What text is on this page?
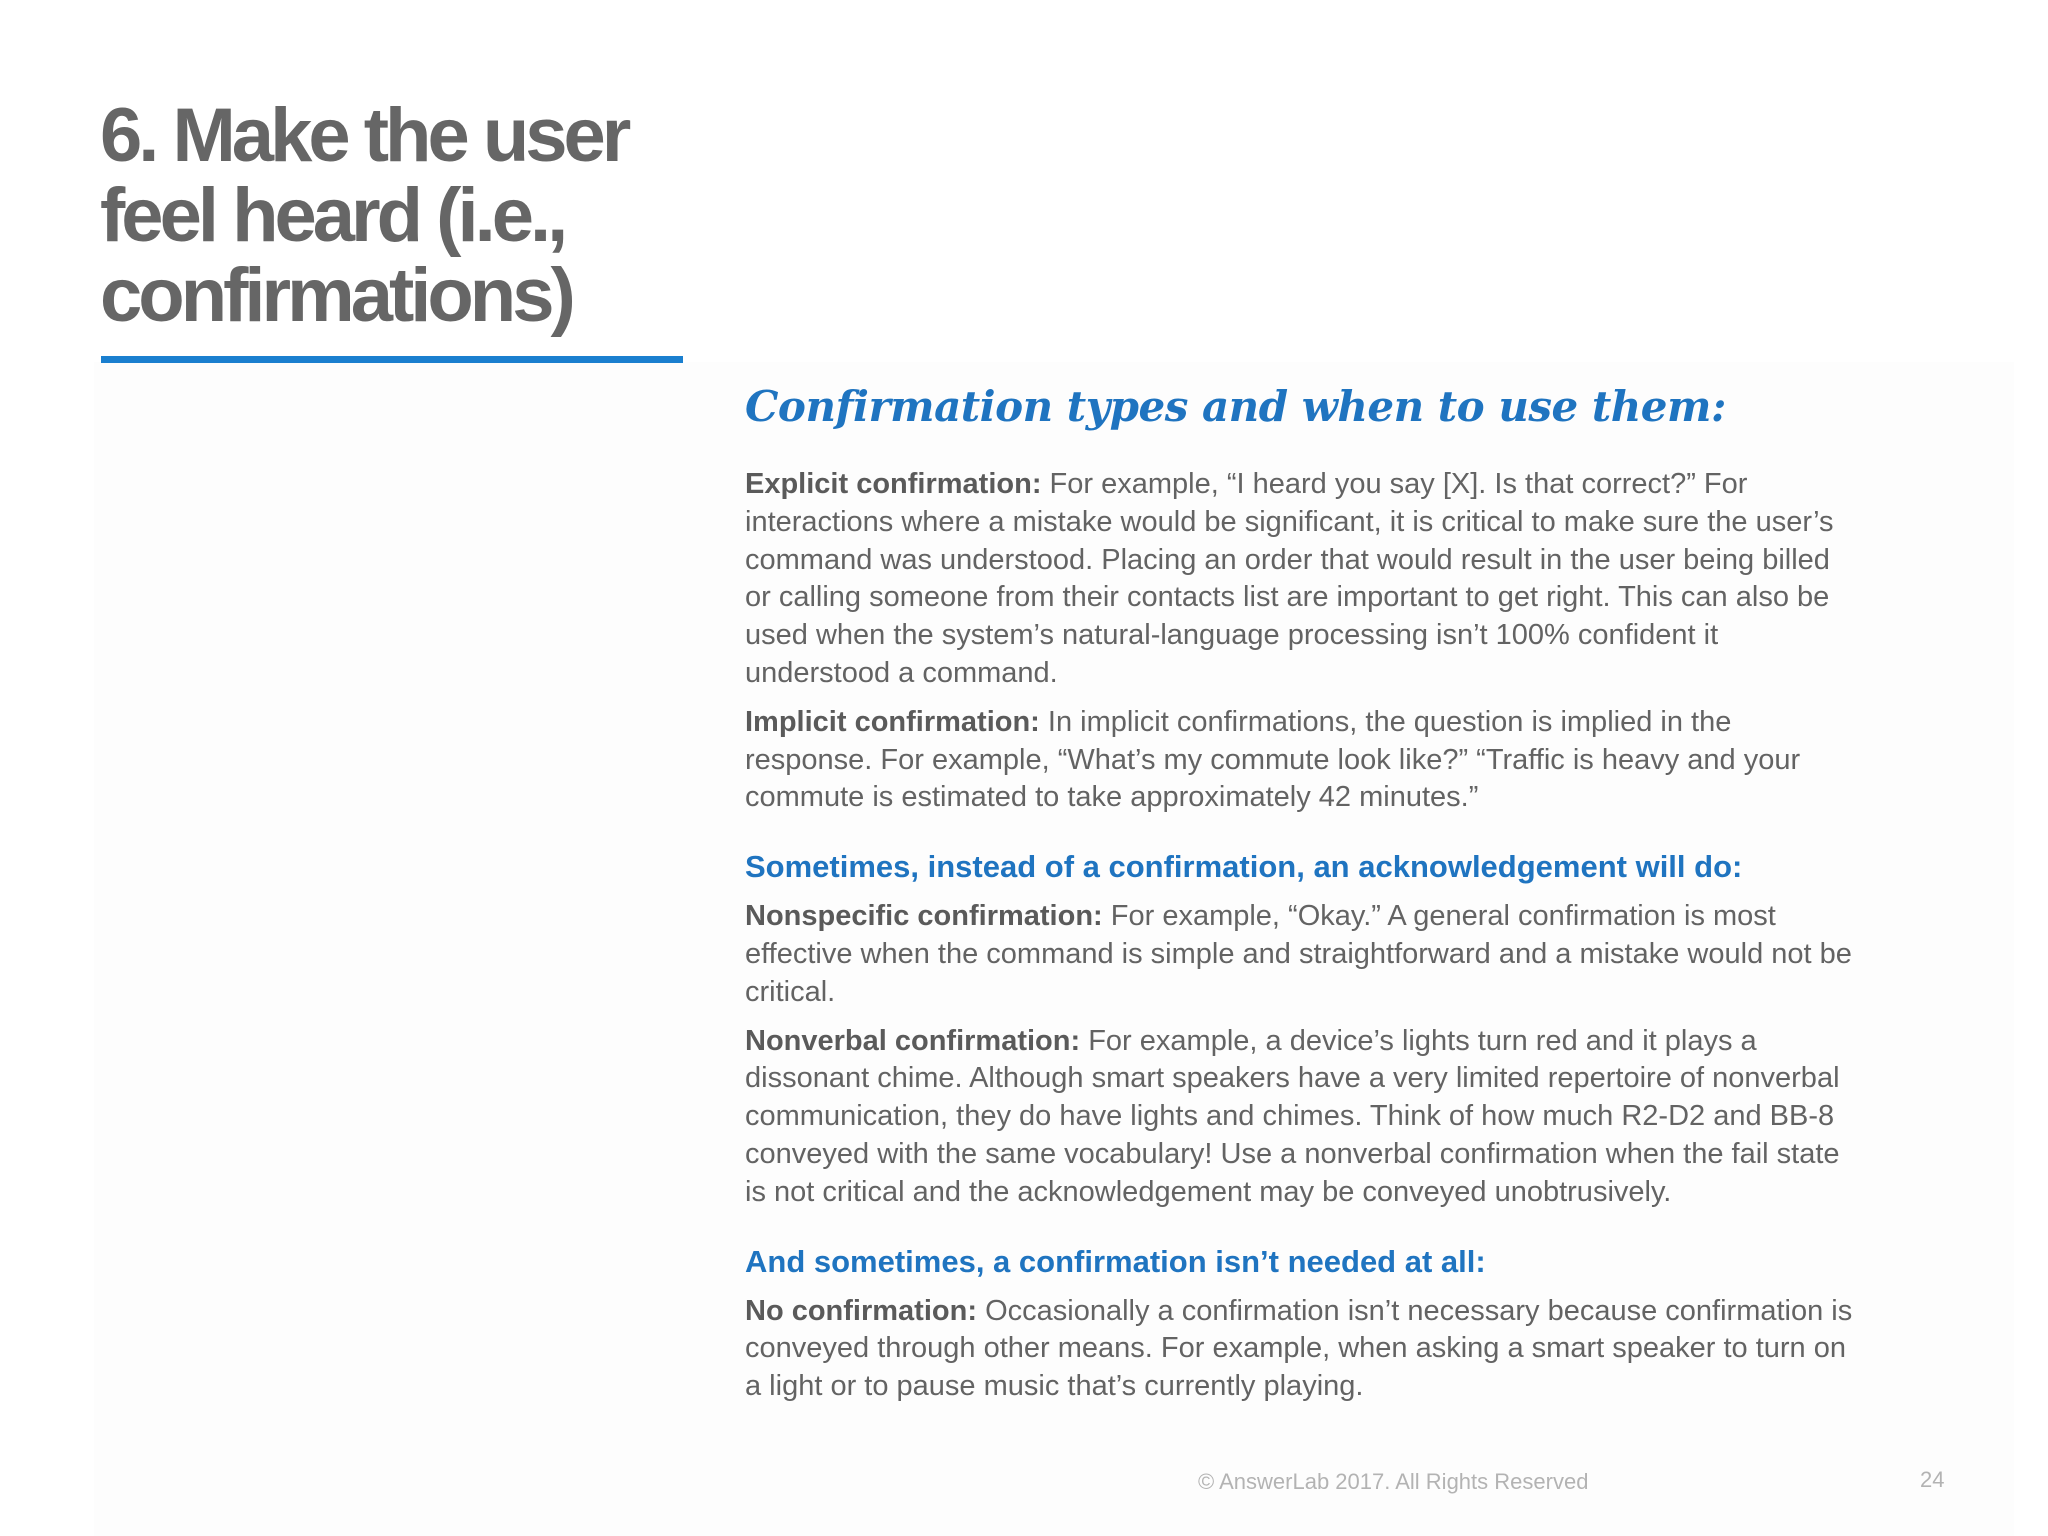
6. Make the user
feel heard (i.e.,
confirmations)
Confirmation types and when to use them:

Explicit confirmation: For example, “I heard you say [X]. Is that correct?” For interactions where a mistake would be significant, it is critical to make sure the user’s command was understood. Placing an order that would result in the user being billed or calling someone from their contacts list are important to get right. This can also be used when the system’s natural-language processing isn’t 100% confident it understood a command.

Implicit confirmation: In implicit confirmations, the question is implied in the response. For example, “What’s my commute look like?” “Traffic is heavy and your commute is estimated to take approximately 42 minutes.”

Sometimes, instead of a confirmation, an acknowledgement will do:

Nonspecific confirmation: For example, “Okay.” A general confirmation is most effective when the command is simple and straightforward and a mistake would not be critical.

Nonverbal confirmation: For example, a device’s lights turn red and it plays a dissonant chime. Although smart speakers have a very limited repertoire of nonverbal communication, they do have lights and chimes. Think of how much R2-D2 and BB-8 conveyed with the same vocabulary! Use a nonverbal confirmation when the fail state is not critical and the acknowledgement may be conveyed unobtrusively.

And sometimes, a confirmation isn’t needed at all:

No confirmation: Occasionally a confirmation isn’t necessary because confirmation is conveyed through other means. For example, when asking a smart speaker to turn on a light or to pause music that’s currently playing.

© AnswerLab 2017. All Rights Reserved	24
